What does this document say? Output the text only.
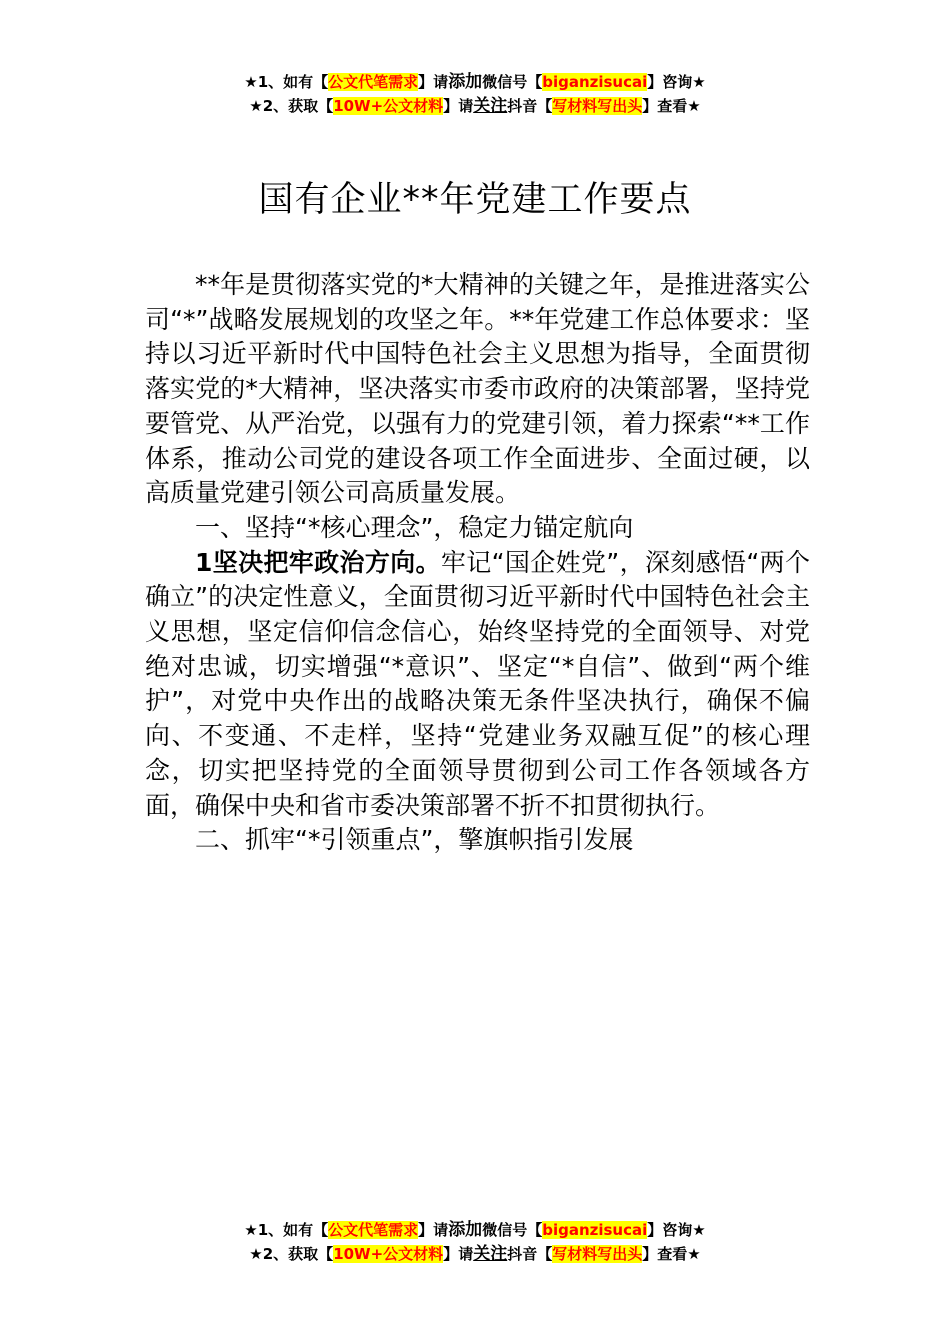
★1、如有【公文代笔需求】请添加微信号【biganzisucai】咨询★
★2、获取【10W+公文材料】请关注抖音【写材料写出头】查看★
国有企业**年党建工作要点

**年是贯彻落实党的*大精神的关键之年，是推进落实公司“*”战略发展规划的攻坚之年。**年党建工作总体要求：坚持以习近平新时代中国特色社会主义思想为指导，全面贯彻落实党的*大精神，坚决落实市委市政府的决策部署，坚持党要管党、从严治党，以强有力的党建引领，着力探索“**工作体系，推动公司党的建设各项工作全面进步、全面过硬，以高质量党建引领公司高质量发展。

一、坚持“*核心理念”，稳定力锚定航向

1坚决把牢政治方向。牢记“国企姓党”，深刻感悟“两个确立”的决定性意义，全面贯彻习近平新时代中国特色社会主义思想，坚定信仰信念信心，始终坚持党的全面领导、对党绝对忠诚，切实增强“*意识”、坚定“*自信”、做到“两个维护”，对党中央作出的战略决策无条件坚决执行，确保不偏向、不变通、不走样，坚持“党建业务双融互促”的核心理念，切实把坚持党的全面领导贯彻到公司工作各领域各方面，确保中央和省市委决策部署不折不扣贯彻执行。

二、抓牢“*引领重点”，擎旗帜指引发展

★1、如有【公文代笔需求】请添加微信号【biganzisucai】咨询★
★2、获取【10W+公文材料】请关注抖音【写材料写出头】查看★
